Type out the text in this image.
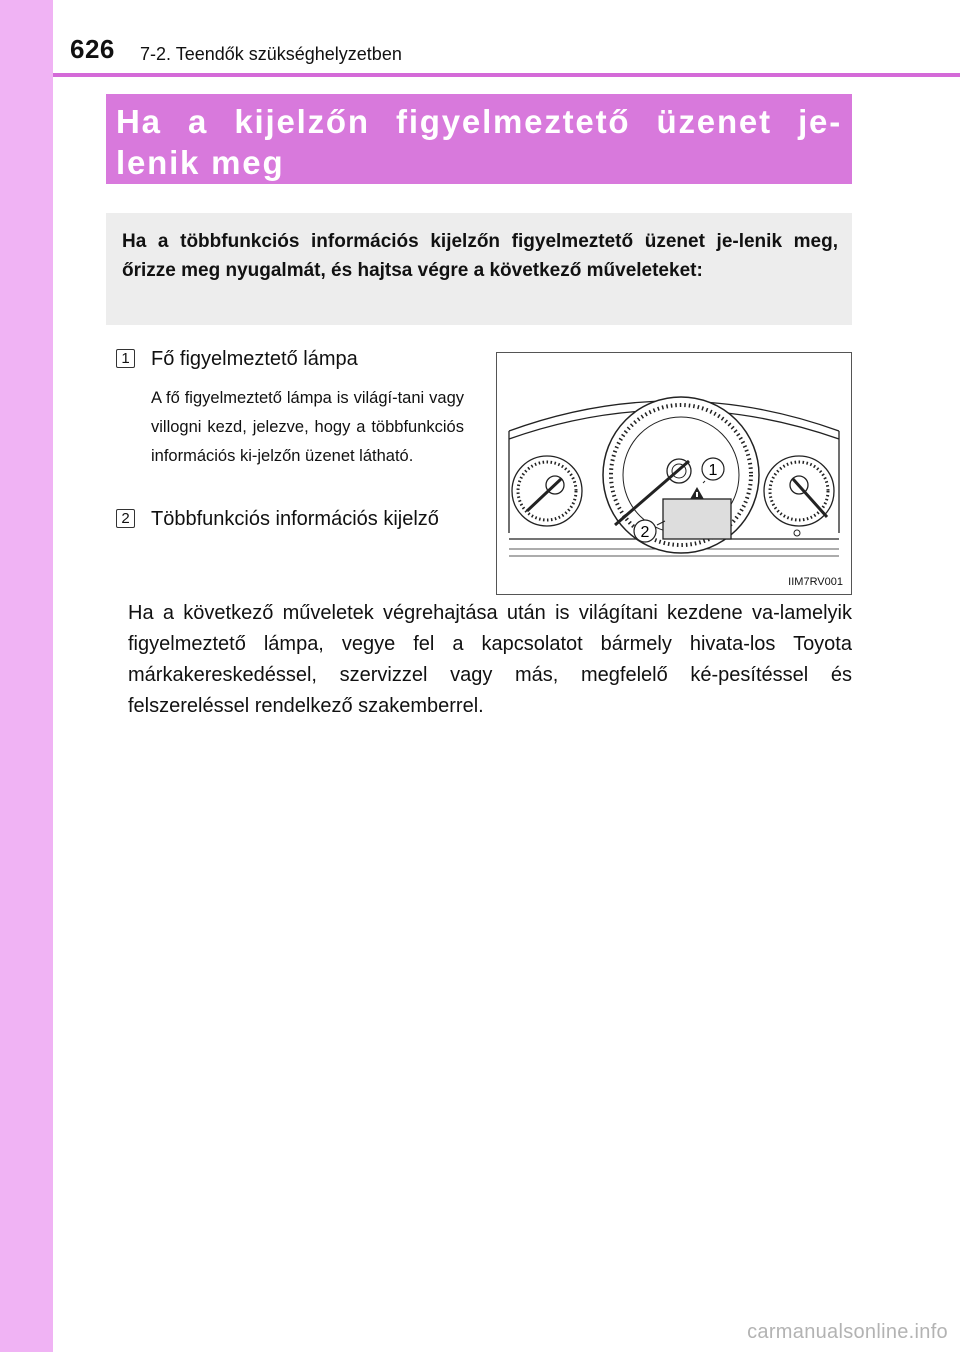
626 7-2. Teendők szükséghelyzetben
Ha a kijelzőn figyelmeztető üzenet je-lenik meg

Ha a többfunkciós információs kijelzőn figyelmeztető üzenet je-lenik meg, őrizze meg nyugalmát, és hajtsa végre a következő műveleteket:

1 Fő figyelmeztető lámpa

A fő figyelmeztető lámpa is világí-tani vagy villogni kezd, jelezve, hogy a többfunkciós információs ki-jelzőn üzenet látható.

2 Többfunkciós információs kijelző
1
2
IIM7RV001

Ha a következő műveletek végrehajtása után is világítani kezdene va-lamelyik figyelmeztető lámpa, vegye fel a kapcsolatot bármely hivata-los Toyota márkakereskedéssel, szervizzel vagy más, megfelelő ké-pesítéssel és felszereléssel rendelkező szakemberrel.

carmanualsonline.info
